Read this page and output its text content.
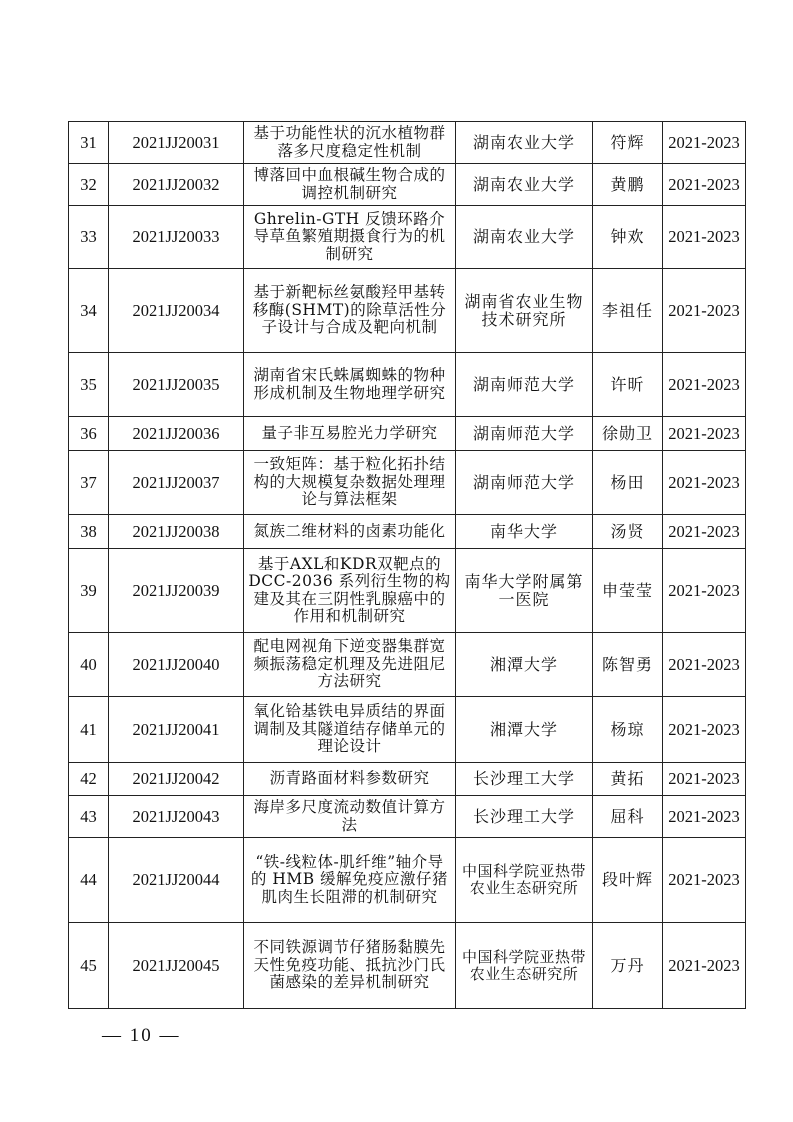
31	2021JJ20031	基于功能性状的沉水植物群落多尺度稳定性机制	湖南农业大学	符辉	2021-2023
32	2021JJ20032	博落回中血根碱生物合成的调控机制研究	湖南农业大学	黄鹏	2021-2023
33	2021JJ20033	Ghrelin-GTH 反馈环路介导草鱼繁殖期摄食行为的机制研究	湖南农业大学	钟欢	2021-2023
34	2021JJ20034	基于新靶标丝氨酸羟甲基转移酶(SHMT)的除草活性分子设计与合成及靶向机制	湖南省农业生物技术研究所	李祖任	2021-2023
35	2021JJ20035	湖南省宋氏蛛属蜘蛛的物种形成机制及生物地理学研究	湖南师范大学	许昕	2021-2023
36	2021JJ20036	量子非互易腔光力学研究	湖南师范大学	徐勋卫	2021-2023
37	2021JJ20037	一致矩阵：基于粒化拓扑结构的大规模复杂数据处理理论与算法框架	湖南师范大学	杨田	2021-2023
38	2021JJ20038	氮族二维材料的卤素功能化	南华大学	汤贤	2021-2023
39	2021JJ20039	基于AXL和KDR双靶点的DCC-2036 系列衍生物的构建及其在三阴性乳腺癌中的作用和机制研究	南华大学附属第一医院	申莹莹	2021-2023
40	2021JJ20040	配电网视角下逆变器集群宽频振荡稳定机理及先进阻尼方法研究	湘潭大学	陈智勇	2021-2023
41	2021JJ20041	氧化铪基铁电异质结的界面调制及其隧道结存储单元的理论设计	湘潭大学	杨琼	2021-2023
42	2021JJ20042	沥青路面材料参数研究	长沙理工大学	黄拓	2021-2023
43	2021JJ20043	海岸多尺度流动数值计算方法	长沙理工大学	屈科	2021-2023
44	2021JJ20044	“铁-线粒体-肌纤维”轴介导的 HMB 缓解免疫应激仔猪肌肉生长阻滞的机制研究	中国科学院亚热带农业生态研究所	段叶辉	2021-2023
45	2021JJ20045	不同铁源调节仔猪肠黏膜先天性免疫功能、抵抗沙门氏菌感染的差异机制研究	中国科学院亚热带农业生态研究所	万丹	2021-2023
— 10 —
